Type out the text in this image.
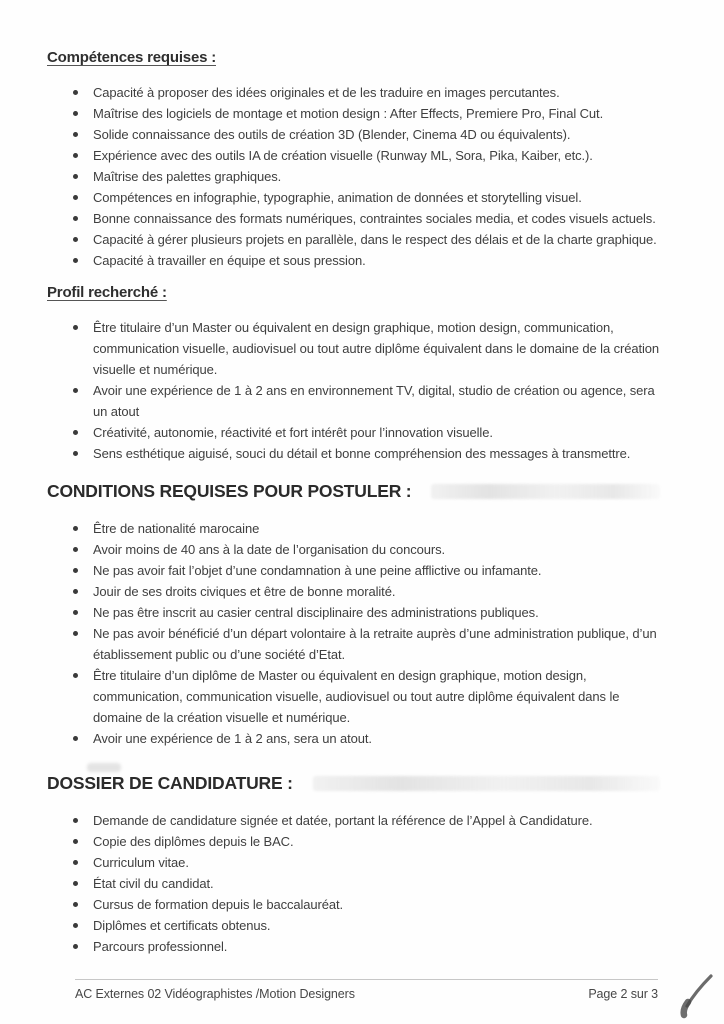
Compétences requises :
Capacité à proposer des idées originales et de les traduire en images percutantes.
Maîtrise des logiciels de montage et motion design : After Effects, Premiere Pro, Final Cut.
Solide connaissance des outils de création 3D (Blender, Cinema 4D ou équivalents).
Expérience avec des outils IA de création visuelle (Runway ML, Sora, Pika, Kaiber, etc.).
Maîtrise des palettes graphiques.
Compétences en infographie, typographie, animation de données et storytelling visuel.
Bonne connaissance des formats numériques, contraintes sociales media, et codes visuels actuels.
Capacité à gérer plusieurs projets en parallèle, dans le respect des délais et de la charte graphique.
Capacité à travailler en équipe et sous pression.
Profil recherché :
Être titulaire d’un Master ou équivalent en design graphique, motion design, communication, communication visuelle, audiovisuel ou tout autre diplôme équivalent dans le domaine de la création visuelle et numérique.
Avoir une expérience de 1 à 2 ans en environnement TV, digital, studio de création ou agence, sera un atout
Créativité, autonomie, réactivité et fort intérêt pour l’innovation visuelle.
Sens esthétique aiguisé, souci du détail et bonne compréhension des messages à transmettre.
CONDITIONS REQUISES POUR POSTULER :
Être de nationalité marocaine
Avoir moins de 40 ans à la date de l’organisation du concours.
Ne pas avoir fait l’objet d’une condamnation à une peine afflictive ou infamante.
Jouir de ses droits civiques et être de bonne moralité.
Ne pas être inscrit au casier central disciplinaire des administrations publiques.
Ne pas avoir bénéficié d’un départ volontaire à la retraite auprès d’une administration publique, d’un établissement public ou d’une société d’Etat.
Être titulaire d’un diplôme de Master ou équivalent en design graphique, motion design, communication, communication visuelle, audiovisuel ou tout autre diplôme équivalent dans le domaine de la création visuelle et numérique.
Avoir une expérience de 1 à 2 ans, sera un atout.
DOSSIER DE CANDIDATURE :
Demande de candidature signée et datée, portant la référence de l’Appel à Candidature.
Copie des diplômes depuis le BAC.
Curriculum vitae.
État civil du candidat.
Cursus de formation depuis le baccalauréat.
Diplômes et certificats obtenus.
Parcours professionnel.
AC Externes 02 Vidéographistes /Motion Designers	Page 2 sur 3
